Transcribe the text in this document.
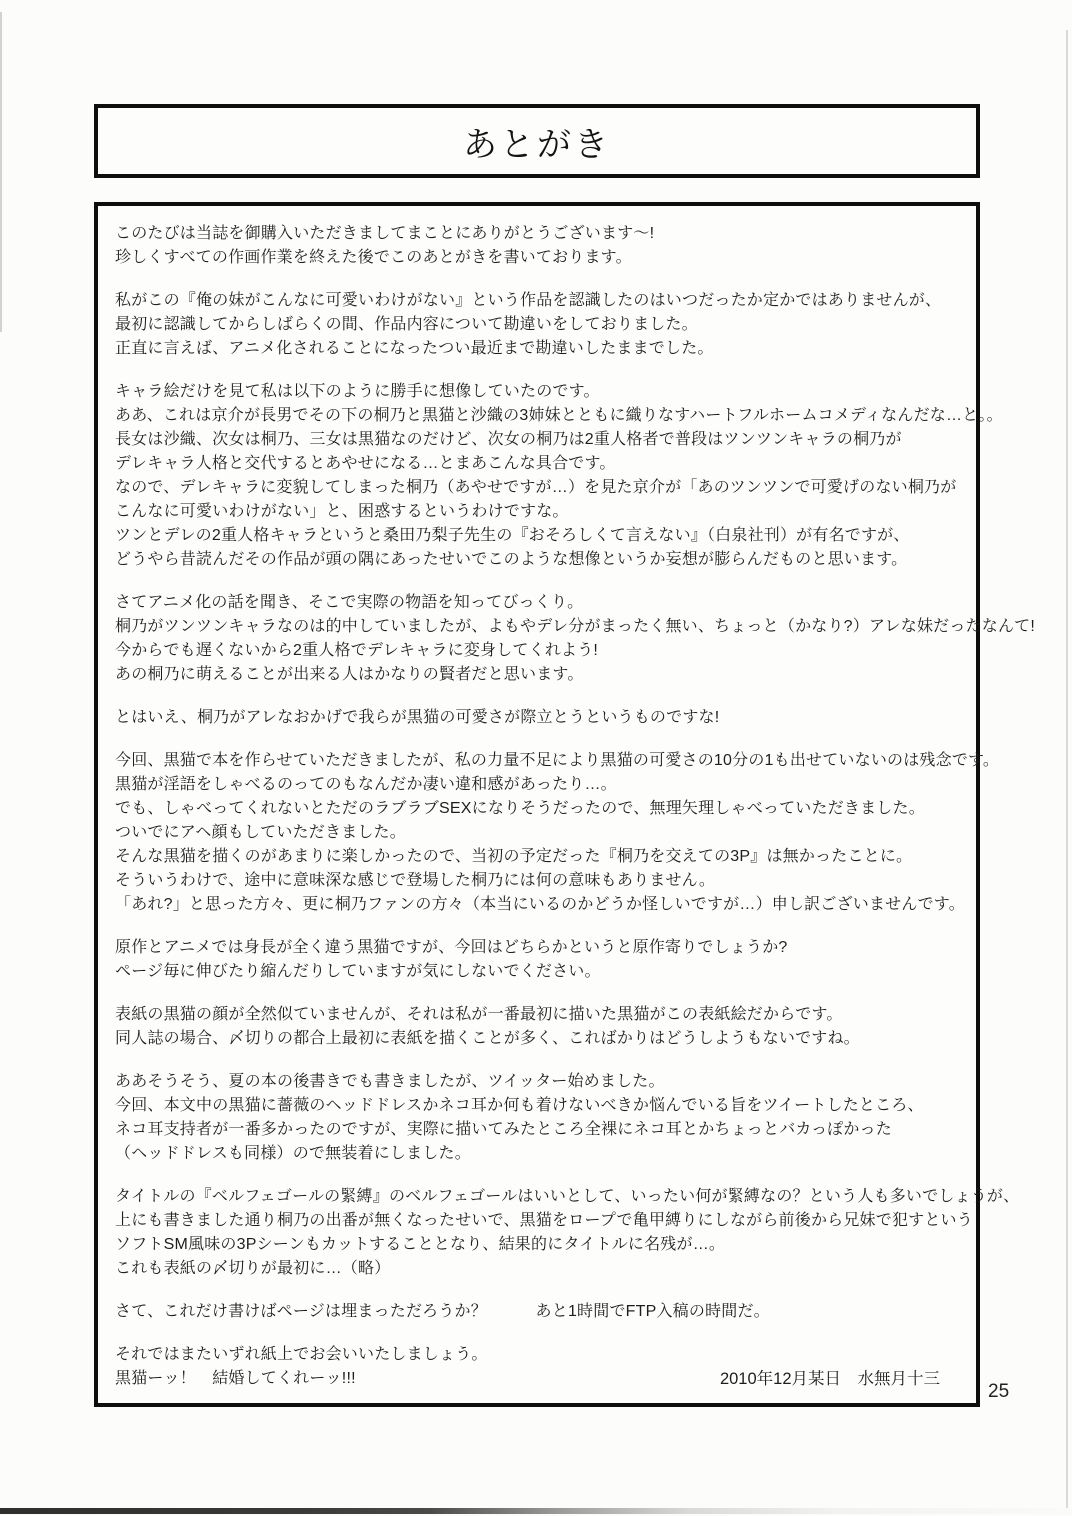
あとがき
このたびは当誌を御購入いただきましてまことにありがとうございます～!
珍しくすべての作画作業を終えた後でこのあとがきを書いております。
私がこの『俺の妹がこんなに可愛いわけがない』という作品を認識したのはいつだったか定かではありませんが、
最初に認識してからしばらくの間、作品内容について勘違いをしておりました。
正直に言えば、アニメ化されることになったつい最近まで勘違いしたままでした。
キャラ絵だけを見て私は以下のように勝手に想像していたのです。
ああ、これは京介が長男でその下の桐乃と黒猫と沙織の3姉妹とともに織りなすハートフルホームコメディなんだな…と。。
長女は沙織、次女は桐乃、三女は黒猫なのだけど、次女の桐乃は2重人格者で普段はツンツンキャラの桐乃が
デレキャラ人格と交代するとあやせになる…とまあこんな具合です。
なので、デレキャラに変貌してしまった桐乃（あやせですが…）を見た京介が「あのツンツンで可愛げのない桐乃が
こんなに可愛いわけがない」と、困惑するというわけですな。
ツンとデレの2重人格キャラというと桑田乃梨子先生の『おそろしくて言えない』（白泉社刊）が有名ですが、
どうやら昔読んだその作品が頭の隅にあったせいでこのような想像というか妄想が膨らんだものと思います。
さてアニメ化の話を聞き、そこで実際の物語を知ってびっくり。
桐乃がツンツンキャラなのは的中していましたが、よもやデレ分がまったく無い、ちょっと（かなり?）アレな妹だったなんて!
今からでも遅くないから2重人格でデレキャラに変身してくれよう!
あの桐乃に萌えることが出来る人はかなりの賢者だと思います。
とはいえ、桐乃がアレなおかげで我らが黒猫の可愛さが際立とうというものですな!
今回、黒猫で本を作らせていただきましたが、私の力量不足により黒猫の可愛さの10分の1も出せていないのは残念です。
黒猫が淫語をしゃべるのってのもなんだか凄い違和感があったり…。
でも、しゃべってくれないとただのラブラブSEXになりそうだったので、無理矢理しゃべっていただきました。
ついでにアヘ顔もしていただきました。
そんな黒猫を描くのがあまりに楽しかったので、当初の予定だった『桐乃を交えての3P』は無かったことに。
そういうわけで、途中に意味深な感じで登場した桐乃には何の意味もありません。
「あれ?」と思った方々、更に桐乃ファンの方々（本当にいるのかどうか怪しいですが…）申し訳ございませんです。
原作とアニメでは身長が全く違う黒猫ですが、今回はどちらかというと原作寄りでしょうか?
ページ毎に伸びたり縮んだりしていますが気にしないでください。
表紙の黒猫の顔が全然似ていませんが、それは私が一番最初に描いた黒猫がこの表紙絵だからです。
同人誌の場合、〆切りの都合上最初に表紙を描くことが多く、こればかりはどうしようもないですね。
ああそうそう、夏の本の後書きでも書きましたが、ツイッター始めました。
今回、本文中の黒猫に薔薇のヘッドドレスかネコ耳か何も着けないべきか悩んでいる旨をツイートしたところ、
ネコ耳支持者が一番多かったのですが、実際に描いてみたところ全裸にネコ耳とかちょっとバカっぽかった
（ヘッドドレスも同様）ので無装着にしました。
タイトルの『ベルフェゴールの緊縛』のベルフェゴールはいいとして、いったい何が緊縛なの？という人も多いでしょうが、
上にも書きました通り桐乃の出番が無くなったせいで、黒猫をロープで亀甲縛りにしながら前後から兄妹で犯すという
ソフトSM風味の3Pシーンもカットすることとなり、結果的にタイトルに名残が…。
これも表紙の〆切りが最初に…（略）
さて、これだけ書けばページは埋まっただろうか？　　　あと1時間でFTP入稿の時間だ。
それではまたいずれ紙上でお会いいたしましょう。
黒猫ーッ！　結婚してくれーッ!!!	2010年12月某日　水無月十三
25
